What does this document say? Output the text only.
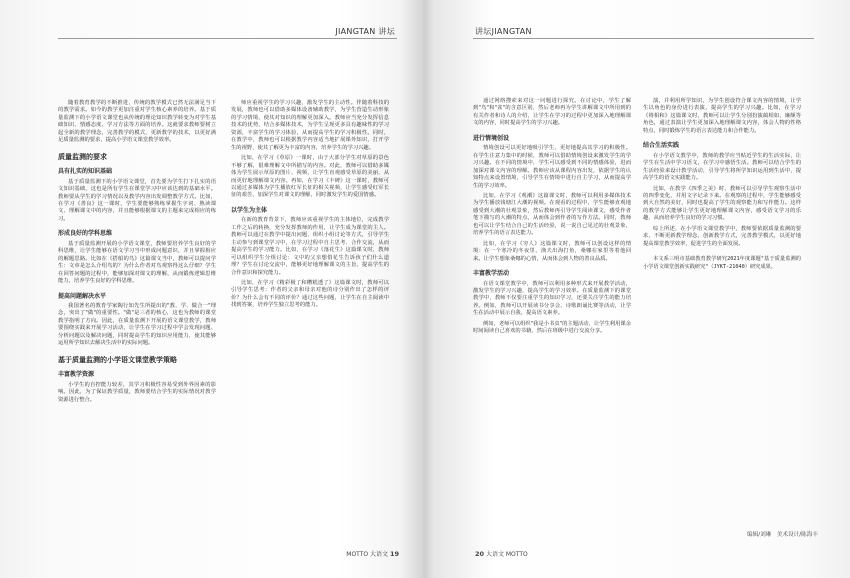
JIANGTAN 讲坛

随着教育教学的不断推进，传统的教学模式已然无法满足当下的教学需求。如今的教学更加注重对学生核心素养的培养。基于质量监测下的小学语文课堂也从传统的理论知识教学转变为对学生基础知识、情感态度、学习方法等方面的培养。这就要求教师要树立起全新的教学理念，完善教学的模式，更新教学的技术，以更好满足质量监测的要求，提高小学语文课堂教学效率。

质量监测的要求
具有扎实的知识基础

基于质量监测下的小学语文课堂，首先要为学生打下扎实的语文知识基础，这也是所有学生在课堂学习中应该达到的基础水平。教师要从学生的学习情况以及教学内容出发调整教学方式。比如，在学习《善良》这一课时，学生要能够熟练掌握生字词、熟读课文、理解课文中的内容，并且能够根据课文的主题来完成相应的练习。

形成良好的学科思维

基于质量监测开展的小学语文课堂，教师要培养学生良好的学科思维，让学生能够在语文学习当中形成问题意识，并且掌握相应的解题思路。比如在《搭船的鸟》这篇课文当中，教师可以提问学生：文章是怎么介绍鸟的？为什么作者对鸟观察得这么仔细？学生在回答问题的过程中，能够加深对课文的理解，从而锻炼逻辑思维能力，培养学生良好的学科思维。

提高问题解决水平

我国著名的教育学家陶行知先生所提出的"教、学、做合一"理念，突出了"做"的重要性。"做"是三者的核心，这也为教师的课堂教学指明了方向。因此，在质量监测下开展的语文课堂教学，教师要围绕实践来开展学习活动，让学生在学习过程中学会发现问题、分析问题以及解决问题，同时提高学生的知识应用能力，使其能够运用所学知识去解决生活中的实际问题。

基于质量监测的小学语文课堂教学策略
丰富教学资源

小学生的自控能力较差，其学习积极性容易受到外界因素的影响。因此，为了保证教学质量，教师要结合学生的实际情况对教学资源进行整合。

师应重视学生的学习兴趣，激发学生的主动性。伴随着科技的发展，教师也可以借助多媒体设备辅助教学，为学生营造生动形象的学习情境，使其对知识的理解更加深入。教师应当充分发挥信息技术的优势，结合多媒体技术，为学生呈现更多具有趣味性的学习资源，丰富学生的学习体验，从而提高学生的学习积极性。同时，在教学中，教师也可以根据教学内容适当地扩展课外知识，打开学生的视野，使其了解更为丰富的内容，培养学生的学习兴趣。

比如，在学习《草原》一课时，由于大部分学生对草原的景色不够了解，很难理解文中所描写的内容。对此，教师可以借助多媒体为学生展示草原的图片、视频，让学生直观感受草原的美丽，从而更好地理解课文内容。再如，在学习《丰碑》这一课时，教师可以通过多媒体为学生播放红军长征的相关视频，让学生感受红军长征的艰苦，加深学生对课文的理解，同时激发学生的爱国情感。

以学生为主体

在新的教育背景下，教师应该重视学生的主体地位，完成教学工作之后的转换，充分发挥教师的作用，让学生成为课堂的主人。教师可以通过在教学中提出问题、组织小组讨论等方式，引导学生主动参与到课堂学习中，在学习过程中自主思考、合作交流，从而提高学生的学习能力。比如，在学习《落花生》这篇课文时，教师可以组织学生分组讨论：文中的父亲想借花生告诉孩子们什么道理？学生在讨论交流中，能够更好地理解课文的主旨，提高学生的合作意识和探究能力。

比如，在学习《精彩极了和糟糕透了》这篇课文时，教师可以引导学生思考：作者的父亲和母亲对他的诗分别作出了怎样的评价？为什么会有不同的评价？通过这些问题，让学生在自主阅读中找到答案，培养学生独立思考的能力。

MOTTO 大语文 19
讲坛JIANGTAN

通过网络搜索来对这一问题进行探究。在讨论中，学生了解到"鸟"和"雀"的含意区别，然后老师再为学生讲解课文中所用到的有关作者和诗人的介绍，让学生在学习的过程中更加深入地理解课文的内容，同时提高学生的学习兴趣。

进行情境创设

情境创设可以更好地吸引学生，更好地提高其学习的积极性。在学生注意力集中的时候，教师可以借助情境创设来激发学生的学习兴趣。在不同的情境中，学生可以感受到不同的情感体验，进而加深对课文内容的理解。教师应该从课程内容出发，依据学生的认知特点来设置情境，引导学生在情境中进行自主学习，从而提高学生的学习效率。

比如，在学习《观潮》这篇课文时，教师可以利用多媒体技术为学生播放钱塘江大潮的视频。在观看的过程中，学生能够直观地感受到大潮的壮观景象，然后教师再引导学生阅读课文，感受作者笔下描写的大潮的特点，从而体会到作者的写作方法。同时，教师也可以让学生结合自己的生活经验，说一说自己见过的壮观景象，培养学生的语言表达能力。

比如，在学习《穷人》这篇课文时，教师可以创设这样的情境：在一个寒冷的冬夜里，渔夫出海打鱼，桑娜在家里等着他回来。让学生想象桑娜的心情，从而体会到人物的善良品质。

丰富教学活动

在语文课堂教学中，教师可以利用多种形式来开展教学活动，激发学生的学习兴趣，提高学生的学习效率。在质量监测下的课堂教学中，教师不仅要注重学生的知识学习，还要关注学生的能力培养。例如，教师可以开展读书分享会、诗歌朗诵比赛等活动，让学生在活动中展示自我，提高语文素养。

例如，老师可以组织"我是小书虫"的主题活动，让学生利用课余时间阅读自己喜欢的书籍，然后在班级中进行交流分享。

演，并利用所学知识，为学生创设符合课文内容的情境，让学生以角色的身份进行表演，提高学生的学习兴趣。比如，在学习《将相和》这篇课文时，教师可以让学生分别扮演蔺相如、廉颇等角色，通过表演让学生更加深入地理解课文内容，体会人物的性格特点，同时锻炼学生的语言表达能力和合作能力。

结合生活实践

在小学语文教学中，教师的教学应当贴近学生的生活实际，让学生在生活中学习语文，在学习中感悟生活。教师可以结合学生的生活经验来设计教学活动，引导学生将所学知识运用到生活中，提高学生的语文实践能力。

比如，在教学《四季之美》时，教师可以引导学生观察生活中的四季变化，并用文字记录下来。在观察的过程中，学生能够感受到大自然的美好，同时也提高了学生的观察能力和写作能力。这样的教学方式能够让学生更好地理解课文内容，感受语文学习的乐趣，从而培养学生良好的学习习惯。

综上所述，在小学语文课堂教学中，教师要依据质量监测的要求，不断更新教学理念，创新教学方式，完善教学模式，以更好地提高课堂教学效率，促进学生的全面发展。

本文系三明市基础教育教学研究2021年度课题"基于质量监测的小学语文课堂创新实践研究"（JYKT-21040）研究成果。
编辑/刘琳　美术设计/陈海丰
20 大语文 MOTTO
